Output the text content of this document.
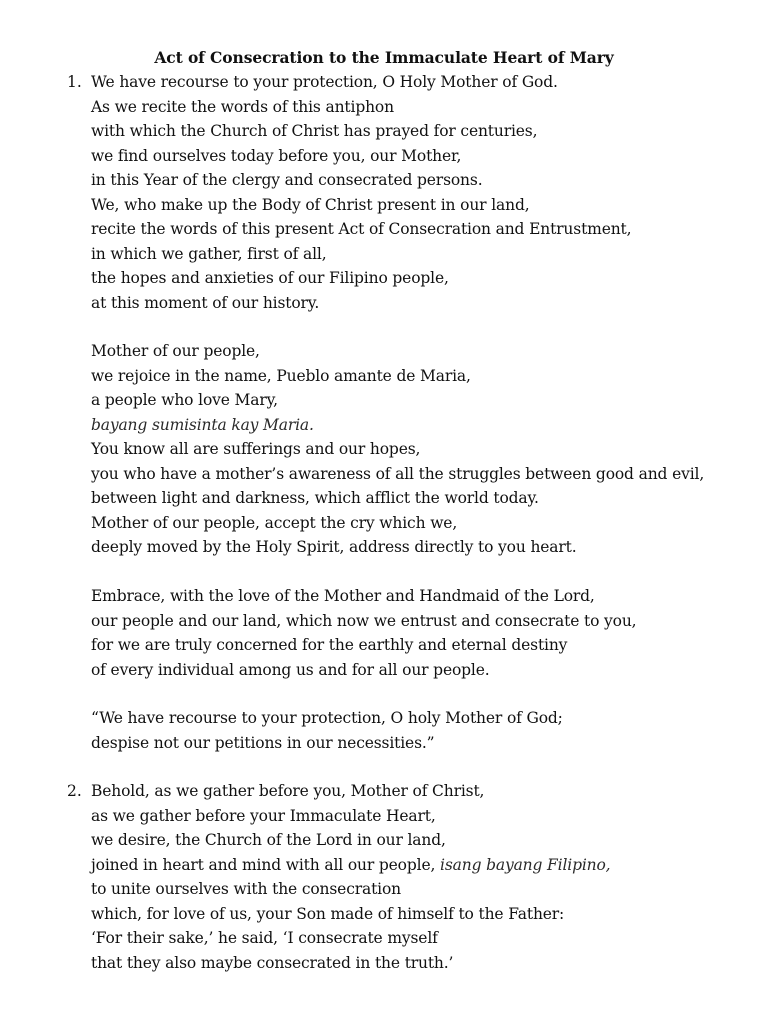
Act of Consecration to the Immaculate Heart of Mary
1. We have recourse to your protection, O Holy Mother of God.
As we recite the words of this antiphon
with which the Church of Christ has prayed for centuries,
we find ourselves today before you, our Mother,
in this Year of the clergy and consecrated persons.
We, who make up the Body of Christ present in our land,
recite the words of this present Act of Consecration and Entrustment,
in which we gather, first of all,
the hopes and anxieties of our Filipino people,
at this moment of our history.
Mother of our people,
we rejoice in the name, Pueblo amante de Maria,
a people who love Mary,
bayang sumisinta kay Maria.
You know all are sufferings and our hopes,
you who have a mother’s awareness of all the struggles between good and evil,
between light and darkness, which afflict the world today.
Mother of our people, accept the cry which we,
deeply moved by the Holy Spirit, address directly to you heart.
Embrace, with the love of the Mother and Handmaid of the Lord,
our people and our land, which now we entrust and consecrate to you,
for we are truly concerned for the earthly and eternal destiny
of every individual among us and for all our people.
“We have recourse to your protection, O holy Mother of God;
despise not our petitions in our necessities.”
2. Behold, as we gather before you, Mother of Christ,
as we gather before your Immaculate Heart,
we desire, the Church of the Lord in our land,
joined in heart and mind with all our people, isang bayang Filipino,
to unite ourselves with the consecration
which, for love of us, your Son made of himself to the Father:
‘For their sake,’ he said, ‘I consecrate myself
that they also maybe consecrated in the truth.’
